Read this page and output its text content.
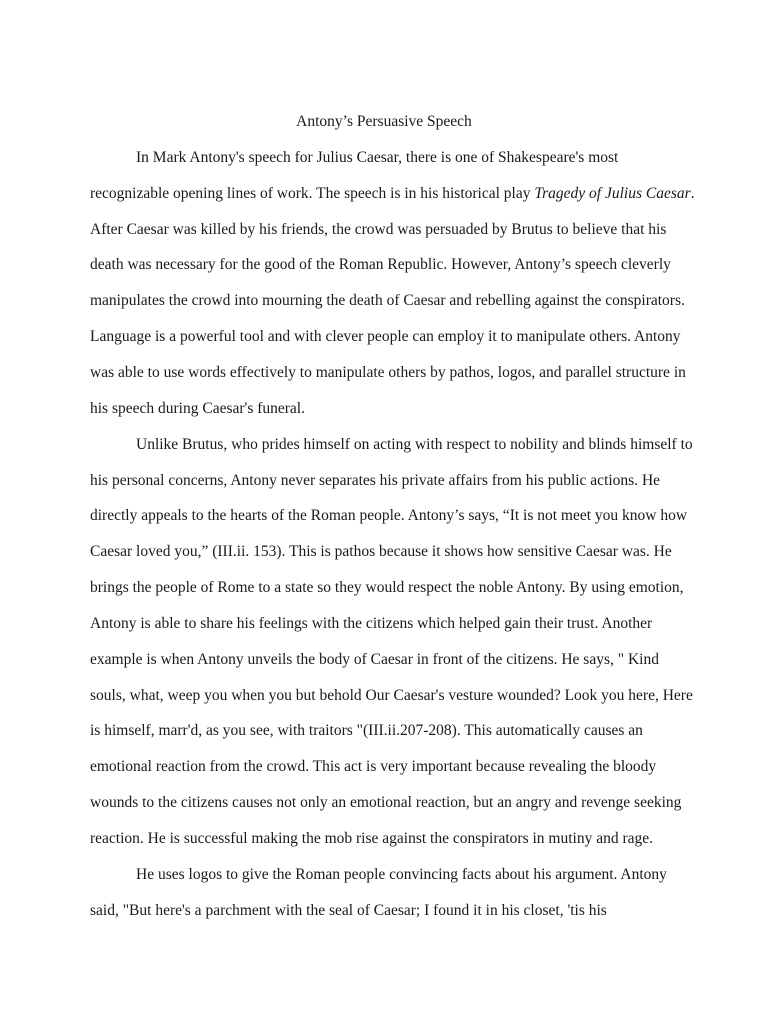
Antony’s Persuasive Speech
In Mark Antony's speech for Julius Caesar, there is one of Shakespeare's most
recognizable opening lines of work. The speech is in his historical play Tragedy of Julius Caesar.
After Caesar was killed by his friends, the crowd was persuaded by Brutus to believe that his
death was necessary for the good of the Roman Republic. However, Antony’s speech cleverly
manipulates the crowd into mourning the death of Caesar and rebelling against the conspirators.
Language is a powerful tool and with clever people can employ it to manipulate others. Antony
was able to use words effectively to manipulate others by pathos, logos, and parallel structure in
his speech during Caesar's funeral.
Unlike Brutus, who prides himself on acting with respect to nobility and blinds himself to
his personal concerns, Antony never separates his private affairs from his public actions. He
directly appeals to the hearts of the Roman people. Antony’s says, “It is not meet you know how
Caesar loved you,” (III.ii. 153). This is pathos because it shows how sensitive Caesar was. He
brings the people of Rome to a state so they would respect the noble Antony. By using emotion,
Antony is able to share his feelings with the citizens which helped gain their trust. Another
example is when Antony unveils the body of Caesar in front of the citizens. He says, " Kind
souls, what, weep you when you but behold Our Caesar's vesture wounded? Look you here, Here
is himself, marr'd, as you see, with traitors "(III.ii.207-208). This automatically causes an
emotional reaction from the crowd. This act is very important because revealing the bloody
wounds to the citizens causes not only an emotional reaction, but an angry and revenge seeking
reaction. He is successful making the mob rise against the conspirators in mutiny and rage.
He uses logos to give the Roman people convincing facts about his argument. Antony
said, "But here's a parchment with the seal of Caesar; I found it in his closet, 'tis his
